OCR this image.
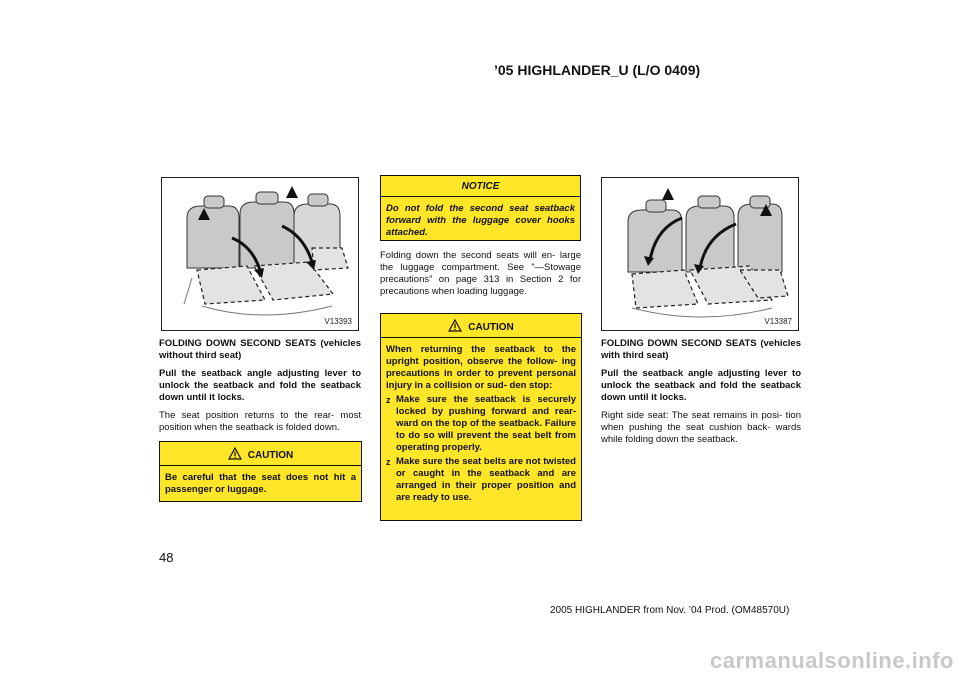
’05 HIGHLANDER_U (L/O 0409)
48
2005 HIGHLANDER from Nov. ’04 Prod. (OM48570U)
carmanualsonline.info
V13393

FOLDING DOWN SECOND SEATS (vehicles without third seat)

Pull the seatback angle adjusting lever to unlock the seatback and fold the seatback down until it locks.

The seat position returns to the rear- most position when the seatback is folded down.

CAUTION
Be careful that the seat does not hit a passenger or luggage.
NOTICE
Do not fold the second seat seatback forward with the luggage cover hooks attached.

Folding down the second seats will en- large the luggage compartment. See “—Stowage precautions” on page 313 in Section 2 for precautions when loading luggage.

CAUTION
When returning the seatback to the upright position, observe the follow- ing precautions in order to prevent personal injury in a collision or sud- den stop:
z Make sure the seatback is securely locked by pushing forward and rear- ward on the top of the seatback. Failure to do so will prevent the seat belt from operating properly.
z Make sure the seat belts are not twisted or caught in the seatback and are arranged in their proper position and are ready to use.
V13387

FOLDING DOWN SECOND SEATS (vehicles with third seat)

Pull the seatback angle adjusting lever to unlock the seatback and fold the seatback down until it locks.

Right side seat: The seat remains in posi- tion when pushing the seat cushion back- wards while folding down the seatback.
